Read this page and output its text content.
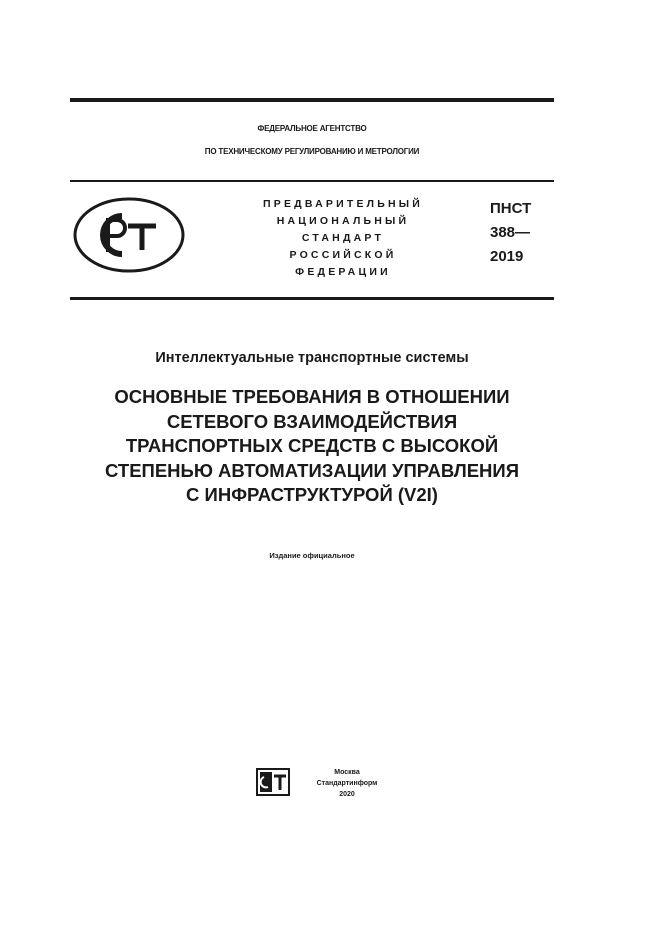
ФЕДЕРАЛЬНОЕ АГЕНТСТВО
ПО ТЕХНИЧЕСКОМУ РЕГУЛИРОВАНИЮ И МЕТРОЛОГИИ
ПРЕДВАРИТЕЛЬНЫЙ
НАЦИОНАЛЬНЫЙ
СТАНДАРТ
РОССИЙСКОЙ
ФЕДЕРАЦИИ
ПНСТ
388—
2019
Интеллектуальные транспортные системы
ОСНОВНЫЕ ТРЕБОВАНИЯ В ОТНОШЕНИИ
СЕТЕВОГО ВЗАИМОДЕЙСТВИЯ
ТРАНСПОРТНЫХ СРЕДСТВ С ВЫСОКОЙ
СТЕПЕНЬЮ АВТОМАТИЗАЦИИ УПРАВЛЕНИЯ
С ИНФРАСТРУКТУРОЙ (V2I)
Издание официальное
Москва
Стандартинформ
2020
